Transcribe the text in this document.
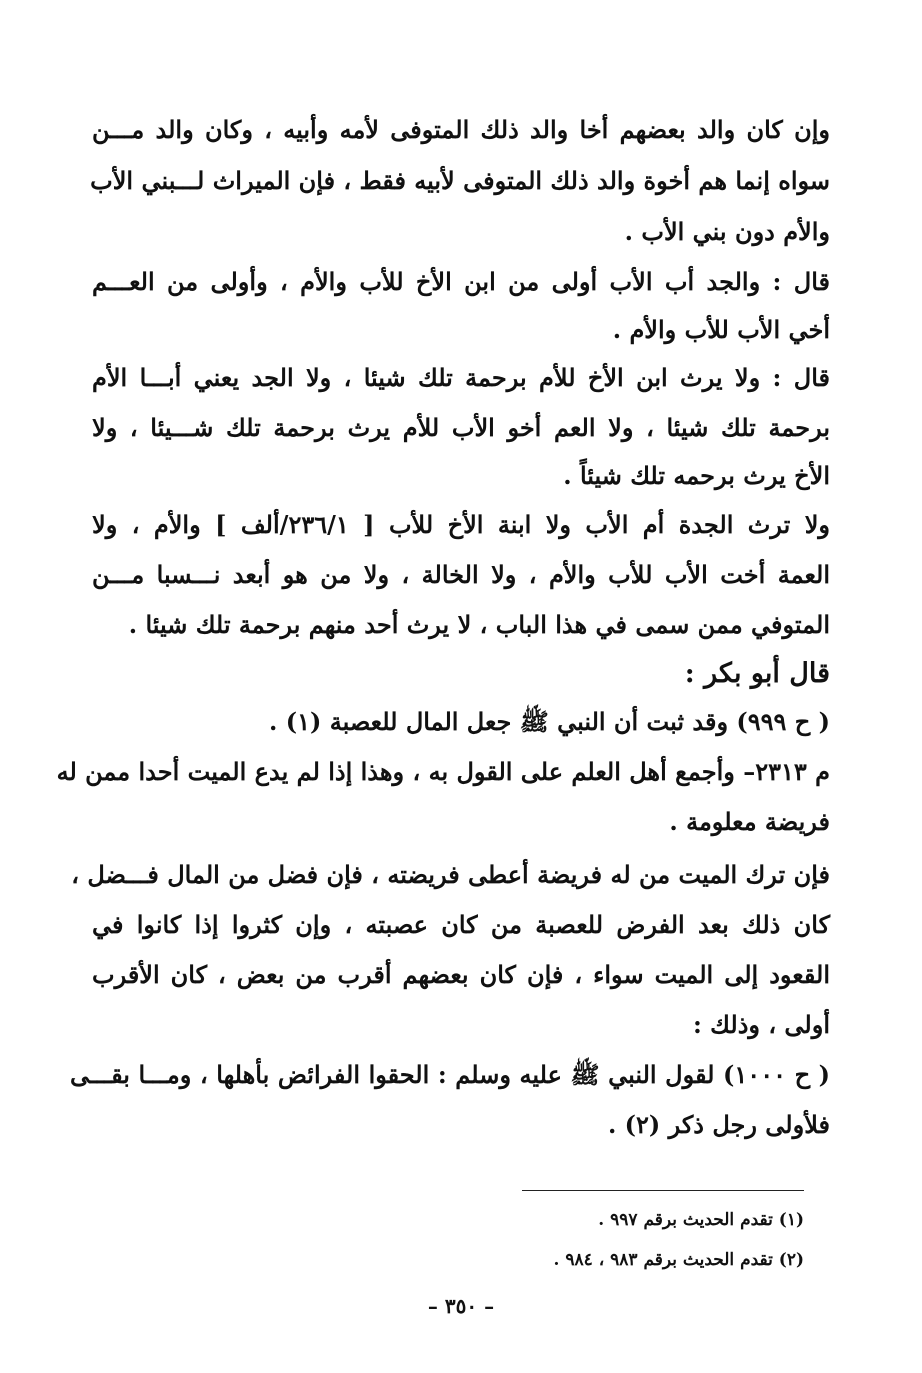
وإن كان والد بعضهم أخا والد ذلك المتوفى لأمه وأبيه ، وكان والد مـــن
سواه إنما هم أخوة والد ذلك المتوفى لأبيه فقط ، فإن الميراث لـــبني الأب
والأم دون بني الأب .
قال : والجد أب الأب أولى من ابن الأخ للأب والأم ، وأولى من العـــم
أخي الأب للأب والأم .
قال : ولا يرث ابن الأخ للأم برحمة تلك شيئا ، ولا الجد يعني أبـــا الأم
برحمة تلك شيئا ، ولا العم أخو الأب للأم يرث برحمة تلك شـــيئا ، ولا
الأخ يرث برحمه تلك شيئاً .
ولا ترث الجدة أم الأب ولا ابنة الأخ للأب [ ٢٣٦/١/ألف ] والأم ، ولا
العمة أخت الأب للأب والأم ، ولا الخالة ، ولا من هو أبعد نـــسبا مـــن
المتوفي ممن سمى في هذا الباب ، لا يرث أحد منهم برحمة تلك شيئا .
قال أبو بكر :
( ح ٩٩٩) وقد ثبت أن النبي ﷺ جعل المال للعصبة (١) .
م ٢٣١٣– وأجمع أهل العلم على القول به ، وهذا إذا لم يدع الميت أحدا ممن له
فريضة معلومة .
فإن ترك الميت من له فريضة أعطى فريضته ، فإن فضل من المال فـــضل ،
كان ذلك بعد الفرض للعصبة من كان عصبته ، وإن كثروا إذا كانوا في
القعود إلى الميت سواء ، فإن كان بعضهم أقرب من بعض ، كان الأقرب
أولى ، وذلك :
( ح ١٠٠٠) لقول النبي ﷺ عليه وسلم : الحقوا الفرائض بأهلها ، ومـــا بقـــى
فلأولى رجل ذكر (٢) .
(١) تقدم الحديث برقم ٩٩٧ .
(٢) تقدم الحديث برقم ٩٨٣ ، ٩٨٤ .
– ٣٥٠ –
